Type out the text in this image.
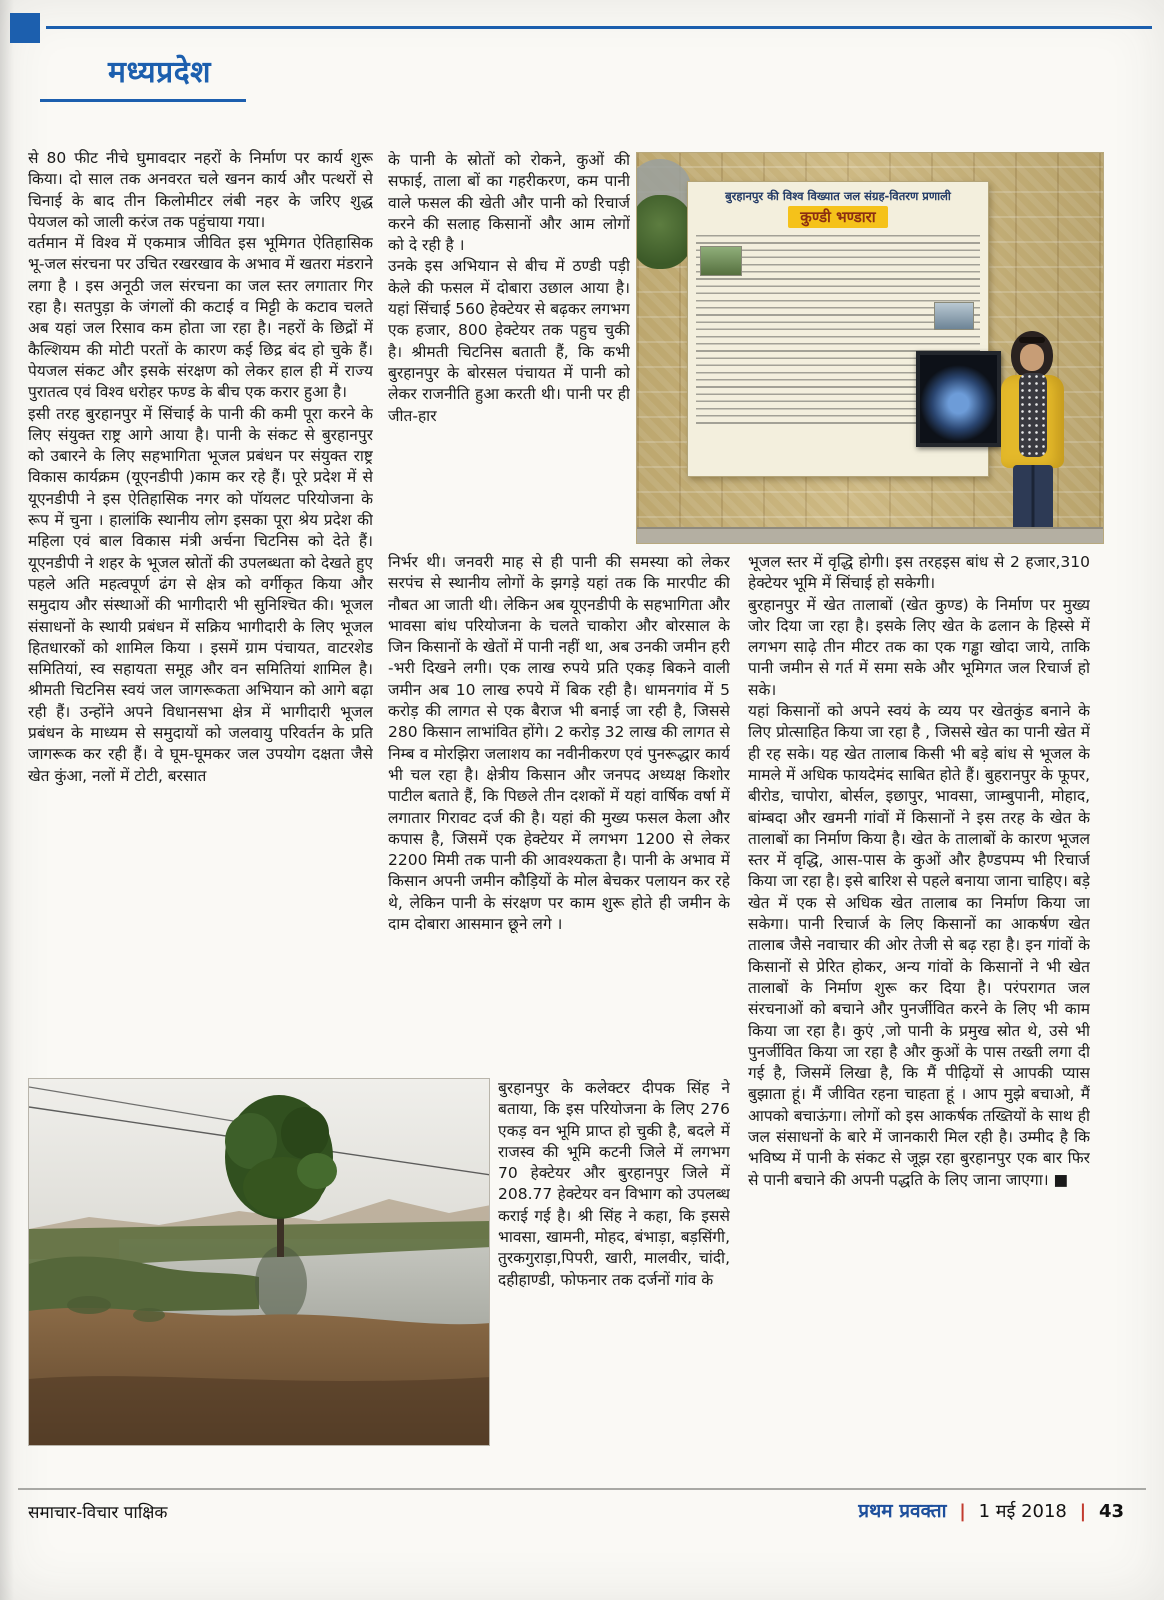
मध्यप्रदेश

से 80 फीट नीचे घुमावदार नहरों के निर्माण पर कार्य शुरू किया। दो साल तक अनवरत चले खनन कार्य और पत्थरों से चिनाई के बाद तीन किलोमीटर लंबी नहर के जरिए शुद्ध पेयजल को जाली करंज तक पहुंचाया गया।

वर्तमान में विश्व में एकमात्र जीवित इस भूमिगत ऐतिहासिक भू-जल संरचना पर उचित रखरखाव के अभाव में खतरा मंडराने लगा है । इस अनूठी जल संरचना का जल स्तर लगातार गिर रहा है। सतपुड़ा के जंगलों की कटाई व मिट्टी के कटाव चलते अब यहां जल रिसाव कम होता जा रहा है। नहरों के छिद्रों में कैल्शियम की मोटी परतों के कारण कई छिद्र बंद हो चुके हैं। पेयजल संकट और इसके संरक्षण को लेकर हाल ही में राज्य पुरातत्व एवं विश्व धरोहर फण्ड के बीच एक करार हुआ है।

इसी तरह बुरहानपुर में सिंचाई के पानी की कमी पूरा करने के लिए संयुक्त राष्ट्र आगे आया है। पानी के संकट से बुरहानपुर को उबारने के लिए सहभागिता भूजल प्रबंधन पर संयुक्त राष्ट्र विकास कार्यक्रम (यूएनडीपी )काम कर रहे हैं। पूरे प्रदेश में से यूएनडीपी ने इस ऐतिहासिक नगर को पॉयलट परियोजना के रूप में चुना । हालांकि स्थानीय लोग इसका पूरा श्रेय प्रदेश की महिला एवं बाल विकास मंत्री अर्चना चिटनिस को देते हैं। यूएनडीपी ने शहर के भूजल स्रोतों की उपलब्धता को देखते हुए पहले अति महत्वपूर्ण ढंग से क्षेत्र को वर्गीकृत किया और समुदाय और संस्थाओं की भागीदारी भी सुनिश्चित की। भूजल संसाधनों के स्थायी प्रबंधन में सक्रिय भागीदारी के लिए भूजल हितधारकों को शामिल किया । इसमें ग्राम पंचायत, वाटरशेड समितियां, स्व सहायता समूह और वन समितियां शामिल है। श्रीमती चिटनिस स्वयं जल जागरूकता अभियान को आगे बढ़ा रही हैं। उन्होंने अपने विधानसभा क्षेत्र में भागीदारी भूजल प्रबंधन के माध्यम से समुदायों को जलवायु परिवर्तन के प्रति जागरूक कर रही हैं। वे घूम-घूमकर जल उपयोग दक्षता जैसे खेत कुंआ, नलों में टोटी, बरसात

के पानी के स्रोतों को रोकने, कुओं की सफाई, ताला बों का गहरीकरण, कम पानी वाले फसल की खेती और पानी को रिचार्ज करने की सलाह किसानों और आम लोगों को दे रही है ।

उनके इस अभियान से बीच में ठण्डी पड़ी केले की फसल में दोबारा उछाल आया है। यहां सिंचाई 560 हेक्टेयर से बढ़कर लगभग एक हजार, 800 हेक्टेयर तक पहुच चुकी है। श्रीमती चिटनिस बताती हैं, कि कभी बुरहानपुर के बोरसल पंचायत में पानी को लेकर राजनीति हुआ करती थी। पानी पर ही जीत-हार

निर्भर थी। जनवरी माह से ही पानी की समस्या को लेकर सरपंच से स्थानीय लोगों के झगड़े यहां तक कि मारपीट की नौबत आ जाती थी। लेकिन अब यूएनडीपी के सहभागिता और भावसा बांध परियोजना के चलते चाकोरा और बोरसाल के जिन किसानों के खेतों में पानी नहीं था, अब उनकी जमीन हरी -भरी दिखने लगी। एक लाख रुपये प्रति एकड़ बिकने वाली जमीन अब 10 लाख रुपये में बिक रही है। धामनगांव में 5 करोड़ की लागत से एक बैराज भी बनाई जा रही है, जिससे 280 किसान लाभांवित होंगे। 2 करोड़ 32 लाख की लागत से निम्ब व मोरझिरा जलाशय का नवीनीकरण एवं पुनरूद्धार कार्य भी चल रहा है। क्षेत्रीय किसान और जनपद अध्यक्ष किशोर पाटील बताते हैं, कि पिछले तीन दशकों में यहां वार्षिक वर्षा में लगातार गिरावट दर्ज की है। यहां की मुख्य फसल केला और कपास है, जिसमें एक हेक्टेयर में लगभग 1200 से लेकर 2200 मिमी तक पानी की आवश्यकता है। पानी के अभाव में किसान अपनी जमीन कौड़ियों के मोल बेचकर पलायन कर रहे थे, लेकिन पानी के संरक्षण पर काम शुरू होते ही जमीन के दाम दोबारा आसमान छूने लगे ।

बुरहानपुर के कलेक्टर दीपक सिंह ने बताया, कि इस परियोजना के लिए 276 एकड़ वन भूमि प्राप्त हो चुकी है, बदले में राजस्व की भूमि कटनी जिले में लगभग 70 हेक्टेयर और बुरहानपुर जिले में 208.77 हेक्टेयर वन विभाग को उपलब्ध कराई गई है। श्री सिंह ने कहा, कि इससे भावसा, खामनी, मोहद, बंभाड़ा, बड़सिंगी, तुरकगुराड़ा,पिपरी, खारी, मालवीर, चांदी, दहीहाण्डी, फोफनार तक दर्जनों गांव के

भूजल स्तर में वृद्धि होगी। इस तरहइस बांध से 2 हजार,310 हेक्टेयर भूमि में सिंचाई हो सकेगी।

बुरहानपुर में खेत तालाबों (खेत कुण्ड) के निर्माण पर मुख्य जोर दिया जा रहा है। इसके लिए खेत के ढलान के हिस्से में लगभग साढ़े तीन मीटर तक का एक गड्ढा खोदा जाये, ताकि पानी जमीन से गर्त में समा सके और भूमिगत जल रिचार्ज हो सके।

यहां किसानों को अपने स्वयं के व्यय पर खेतकुंड बनाने के लिए प्रोत्साहित किया जा रहा है , जिससे खेत का पानी खेत में ही रह सके। यह खेत तालाब किसी भी बड़े बांध से भूजल के मामले में अधिक फायदेमंद साबित होते हैं। बुहरानपुर के फूपर, बीरोड, चापोरा, बोर्सल, इछापुर, भावसा, जाम्बुपानी, मोहाद, बांम्बदा और खमनी गांवों में किसानों ने इस तरह के खेत के तालाबों का निर्माण किया है। खेत के तालाबों के कारण भूजल स्तर में वृद्धि, आस-पास के कुओं और हैण्डपम्प भी रिचार्ज किया जा रहा है। इसे बारिश से पहले बनाया जाना चाहिए। बड़े खेत में एक से अधिक खेत तालाब का निर्माण किया जा सकेगा। पानी रिचार्ज के लिए किसानों का आकर्षण खेत तालाब जैसे नवाचार की ओर तेजी से बढ़ रहा है। इन गांवों के किसानों से प्रेरित होकर, अन्य गांवों के किसानों ने भी खेत तालाबों के निर्माण शुरू कर दिया है। परंपरागत जल संरचनाओं को बचाने और पुनर्जीवित करने के लिए भी काम किया जा रहा है। कुएं ,जो पानी के प्रमुख स्रोत थे, उसे भी पुनर्जीवित किया जा रहा है और कुओं के पास तख्ती लगा दी गई है, जिसमें लिखा है, कि मैं पीढ़ियों से आपकी प्यास बुझाता हूं। मैं जीवित रहना चाहता हूं । आप मुझे बचाओ, मैं आपको बचाऊंगा। लोगों को इस आकर्षक तख्तियों के साथ ही जल संसाधनों के बारे में जानकारी मिल रही है। उम्मीद है कि भविष्य में पानी के संकट से जूझ रहा बुरहानपुर एक बार फिर से पानी बचाने की अपनी पद्धति के लिए जाना जाएगा। ■

बुरहानपुर की विश्व विख्यात जल संग्रह-वितरण प्रणाली
कुण्डी भण्डारा
समाचार-विचार पाक्षिक	प्रथम प्रवक्ता | 1 मई 2018 | 43
